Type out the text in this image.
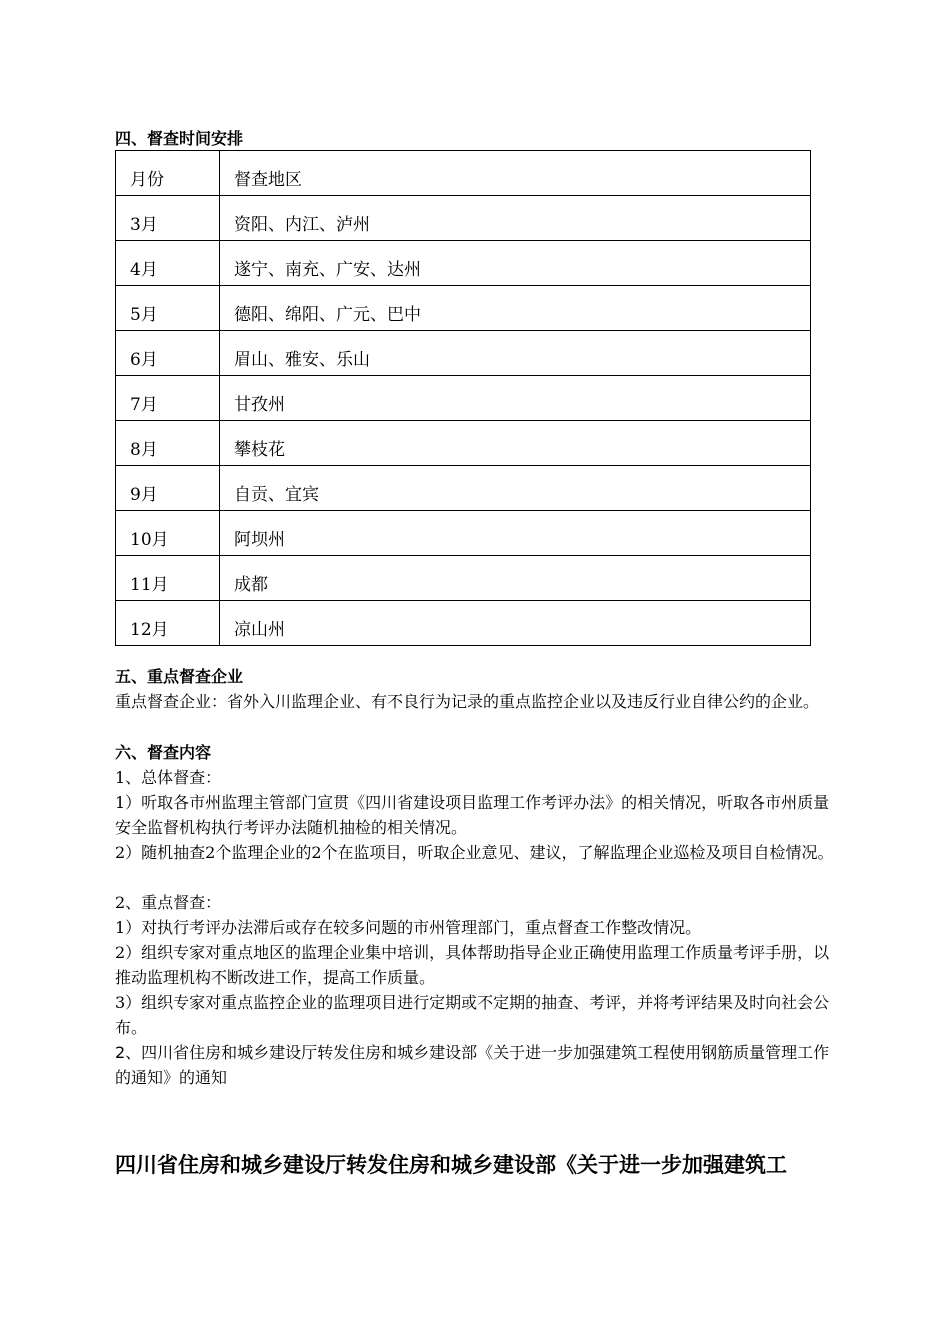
四、督查时间安排
月份	督查地区
3月	资阳、内江、泸州
4月	遂宁、南充、广安、达州
5月	德阳、绵阳、广元、巴中
6月	眉山、雅安、乐山
7月	甘孜州
8月	攀枝花
9月	自贡、宜宾
10月	阿坝州
11月	成都
12月	凉山州
五、重点督查企业

重点督查企业：省外入川监理企业、有不良行为记录的重点监控企业以及违反行业自律公约的企业。

六、督查内容

1、总体督查：

1）听取各市州监理主管部门宣贯《四川省建设项目监理工作考评办法》的相关情况，听取各市州质量安全监督机构执行考评办法随机抽检的相关情况。

2）随机抽查2个监理企业的2个在监项目，听取企业意见、建议，了解监理企业巡检及项目自检情况。

2、重点督查：

1）对执行考评办法滞后或存在较多问题的市州管理部门，重点督查工作整改情况。

2）组织专家对重点地区的监理企业集中培训，具体帮助指导企业正确使用监理工作质量考评手册，以推动监理机构不断改进工作，提高工作质量。

3）组织专家对重点监控企业的监理项目进行定期或不定期的抽查、考评，并将考评结果及时向社会公布。

2、四川省住房和城乡建设厅转发住房和城乡建设部《关于进一步加强建筑工程使用钢筋质量管理工作的通知》的通知

四川省住房和城乡建设厅转发住房和城乡建设部《关于进一步加强建筑工
